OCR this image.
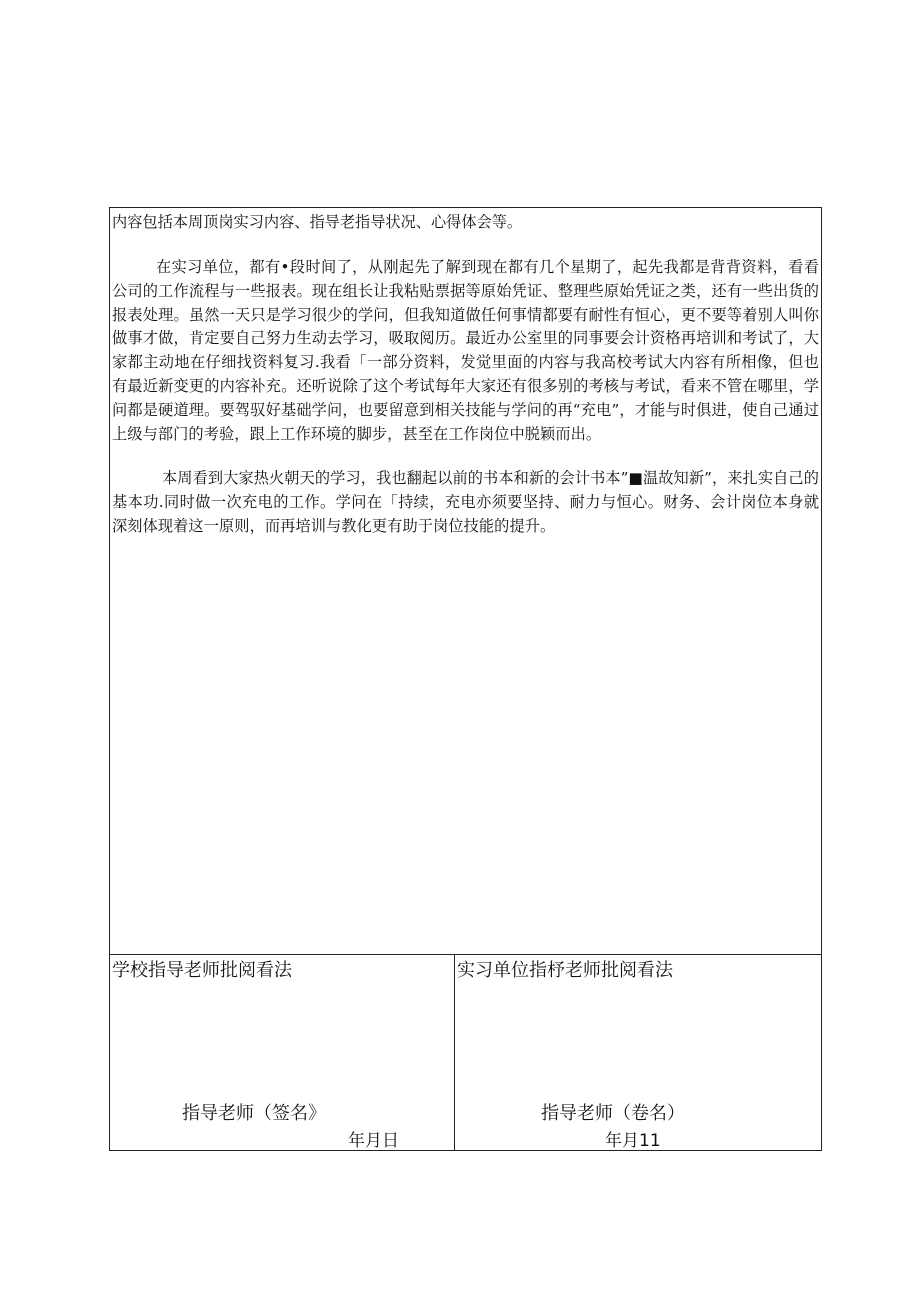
内容包括本周顶岗实习内容、指导老指导状况、心得体会等。

在实习单位，都有•段时间了，从刚起先了解到现在都有几个星期了，起先我都是背背资料，看看公司的工作流程与一些报表。现在组长让我粘贴票据等原始凭证、整理些原始凭证之类，还有一些出货的报表处理。虽然一天只是学习很少的学问，但我知道做任何事情都要有耐性有恒心，更不要等着别人叫你做事才做，肯定要自己努力生动去学习，吸取阅历。最近办公室里的同事要会计资格再培训和考试了，大家都主动地在仔细找资料复习.我看「一部分资料，发觉里面的内容与我高校考试大内容有所相像，但也有最近新变更的内容补充。还听说除了这个考试每年大家还有很多别的考核与考试，看来不管在哪里，学问都是硬道理。要驾驭好基础学问，也要留意到相关技能与学问的再“充电”，才能与时俱进，使自己通过上级与部门的考验，跟上工作环境的脚步，甚至在工作岗位中脱颖而出。

本周看到大家热火朝天的学习，我也翻起以前的书本和新的会计书本”■温故知新”，来扎实自己的基本功.同时做一次充电的工作。学问在「持续，充电亦须要坚持、耐力与恒心。财务、会计岗位本身就深刻体现着这一原则，而再培训与教化更有助于岗位技能的提升。

学校指导老师批阅看法
指导老师（签名》
年月日
实习单位指杼老师批阅看法
指导老师（卷名）
年月11
